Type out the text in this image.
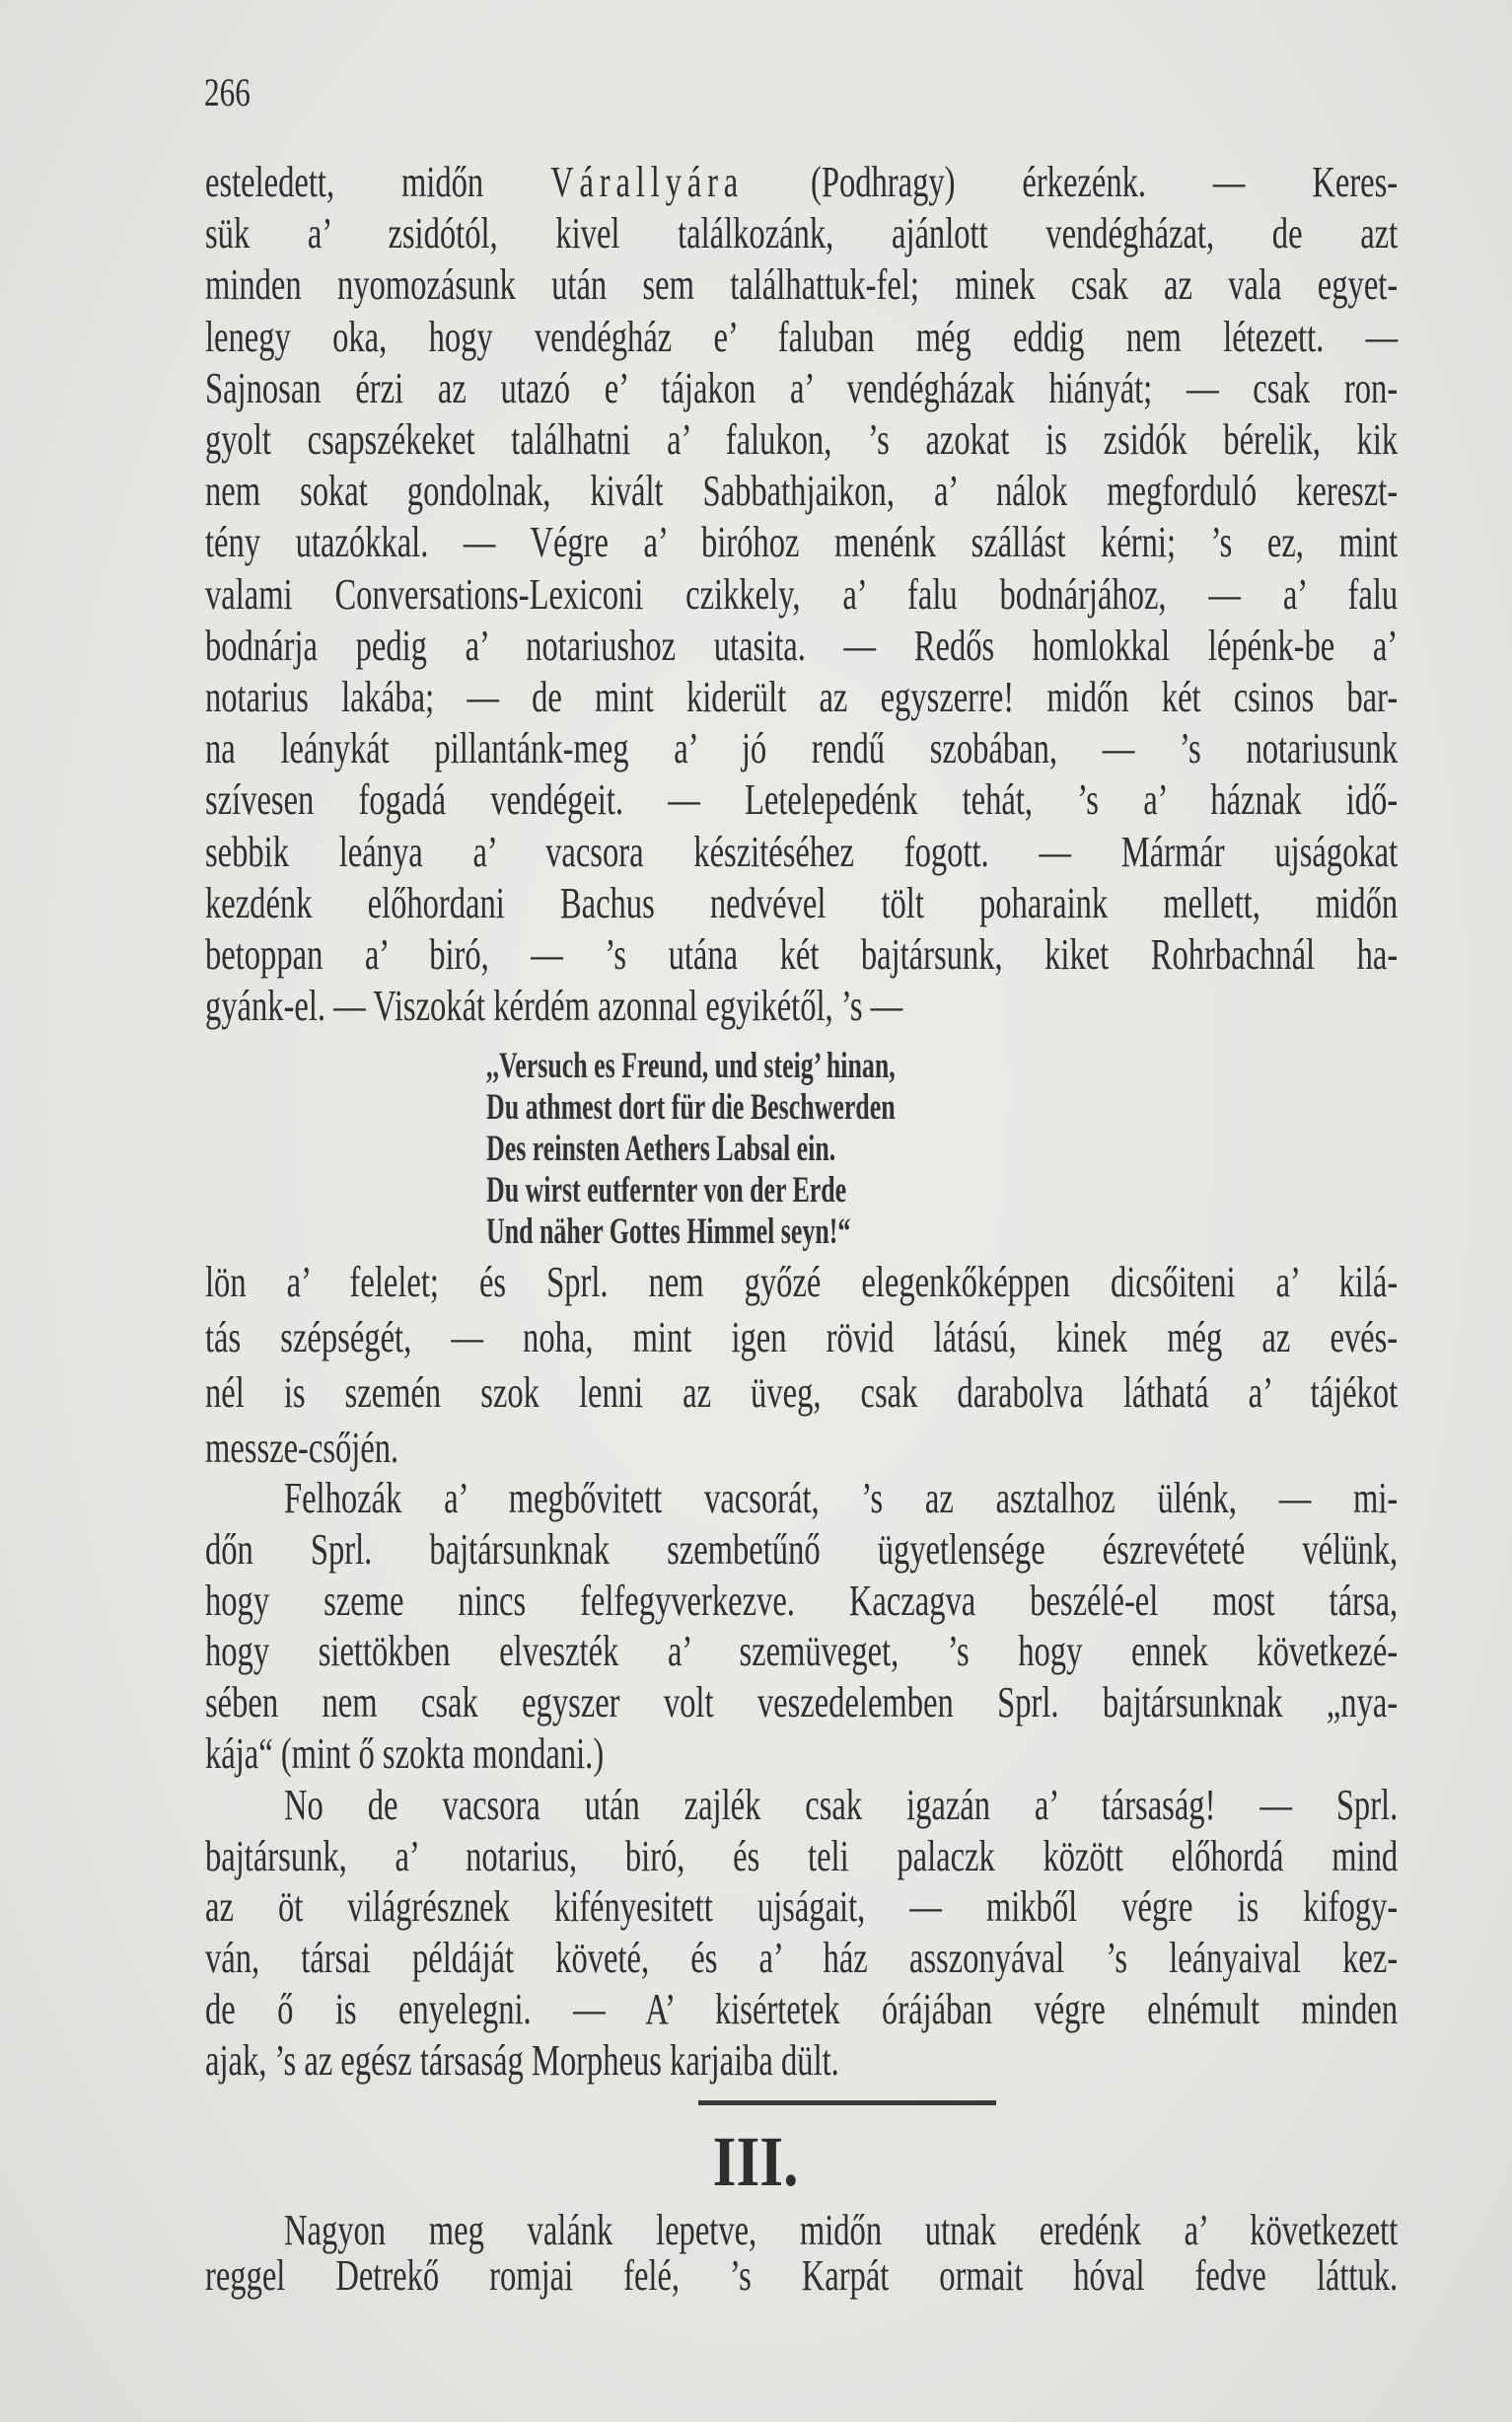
266
esteledett, midőn Várallyára (Podhragy) érkezénk. — Keres-
sük a’ zsidótól, kivel találkozánk, ajánlott vendégházat, de azt
minden nyomozásunk után sem találhattuk-fel; minek csak az vala egyet-
lenegy oka, hogy vendégház e’ faluban még eddig nem létezett. —
Sajnosan érzi az utazó e’ tájakon a’ vendégházak hiányát; — csak ron-
gyolt csapszékeket találhatni a’ falukon, ’s azokat is zsidók bérelik, kik
nem sokat gondolnak, kivált Sabbathjaikon, a’ nálok megforduló kereszt-
tény utazókkal. — Végre a’ biróhoz menénk szállást kérni; ’s ez, mint
valami Conversations-Lexiconi czikkely, a’ falu bodnárjához, — a’ falu
bodnárja pedig a’ notariushoz utasita. — Redős homlokkal lépénk-be a’
notarius lakába; — de mint kiderült az egyszerre! midőn két csinos bar-
na leánykát pillantánk-meg a’ jó rendű szobában, — ’s notariusunk
szívesen fogadá vendégeit. — Letelepedénk tehát, ’s a’ háznak idő-
sebbik leánya a’ vacsora készitéséhez fogott. — Mármár ujságokat
kezdénk előhordani Bachus nedvével tölt poharaink mellett, midőn
betoppan a’ biró, — ’s utána két bajtársunk, kiket Rohrbachnál ha-
gyánk-el. — Viszokát kérdém azonnal egyikétől, ’s —
,,Versuch es Freund, und steig’ hinan,
Du athmest dort für die Beschwerden
Des reinsten Aethers Labsal ein.
Du wirst eutfernter von der Erde
Und näher Gottes Himmel seyn!“
lön a’ felelet; és Sprl. nem győzé elegenkőképpen dicsőiteni a’ kilá-
tás szépségét, — noha, mint igen rövid látású, kinek még az evés-
nél is szemén szok lenni az üveg, csak darabolva láthatá a’ tájékot
messze-csőjén.
Felhozák a’ megbővitett vacsorát, ’s az asztalhoz ülénk, — mi-
dőn Sprl. bajtársunknak szembetűnő ügyetlensége észrevéteté vélünk,
hogy szeme nincs felfegyverkezve. Kaczagva beszélé-el most társa,
hogy siettökben elveszték a’ szemüveget, ’s hogy ennek következé-
sében nem csak egyszer volt veszedelemben Sprl. bajtársunknak „nya-
kája“ (mint ő szokta mondani.)
No de vacsora után zajlék csak igazán a’ társaság! — Sprl.
bajtársunk, a’ notarius, biró, és teli palaczk között előhordá mind
az öt világrésznek kifényesitett ujságait, — mikből végre is kifogy-
ván, társai példáját követé, és a’ ház asszonyával ’s leányaival kez-
de ő is enyelegni. — A’ kisértetek órájában végre elnémult minden
ajak, ’s az egész társaság Morpheus karjaiba dült.
Nagyon meg valánk lepetve, midőn utnak eredénk a’ következett
reggel Detrekő romjai felé, ’s Karpát ormait hóval fedve láttuk.
III.
